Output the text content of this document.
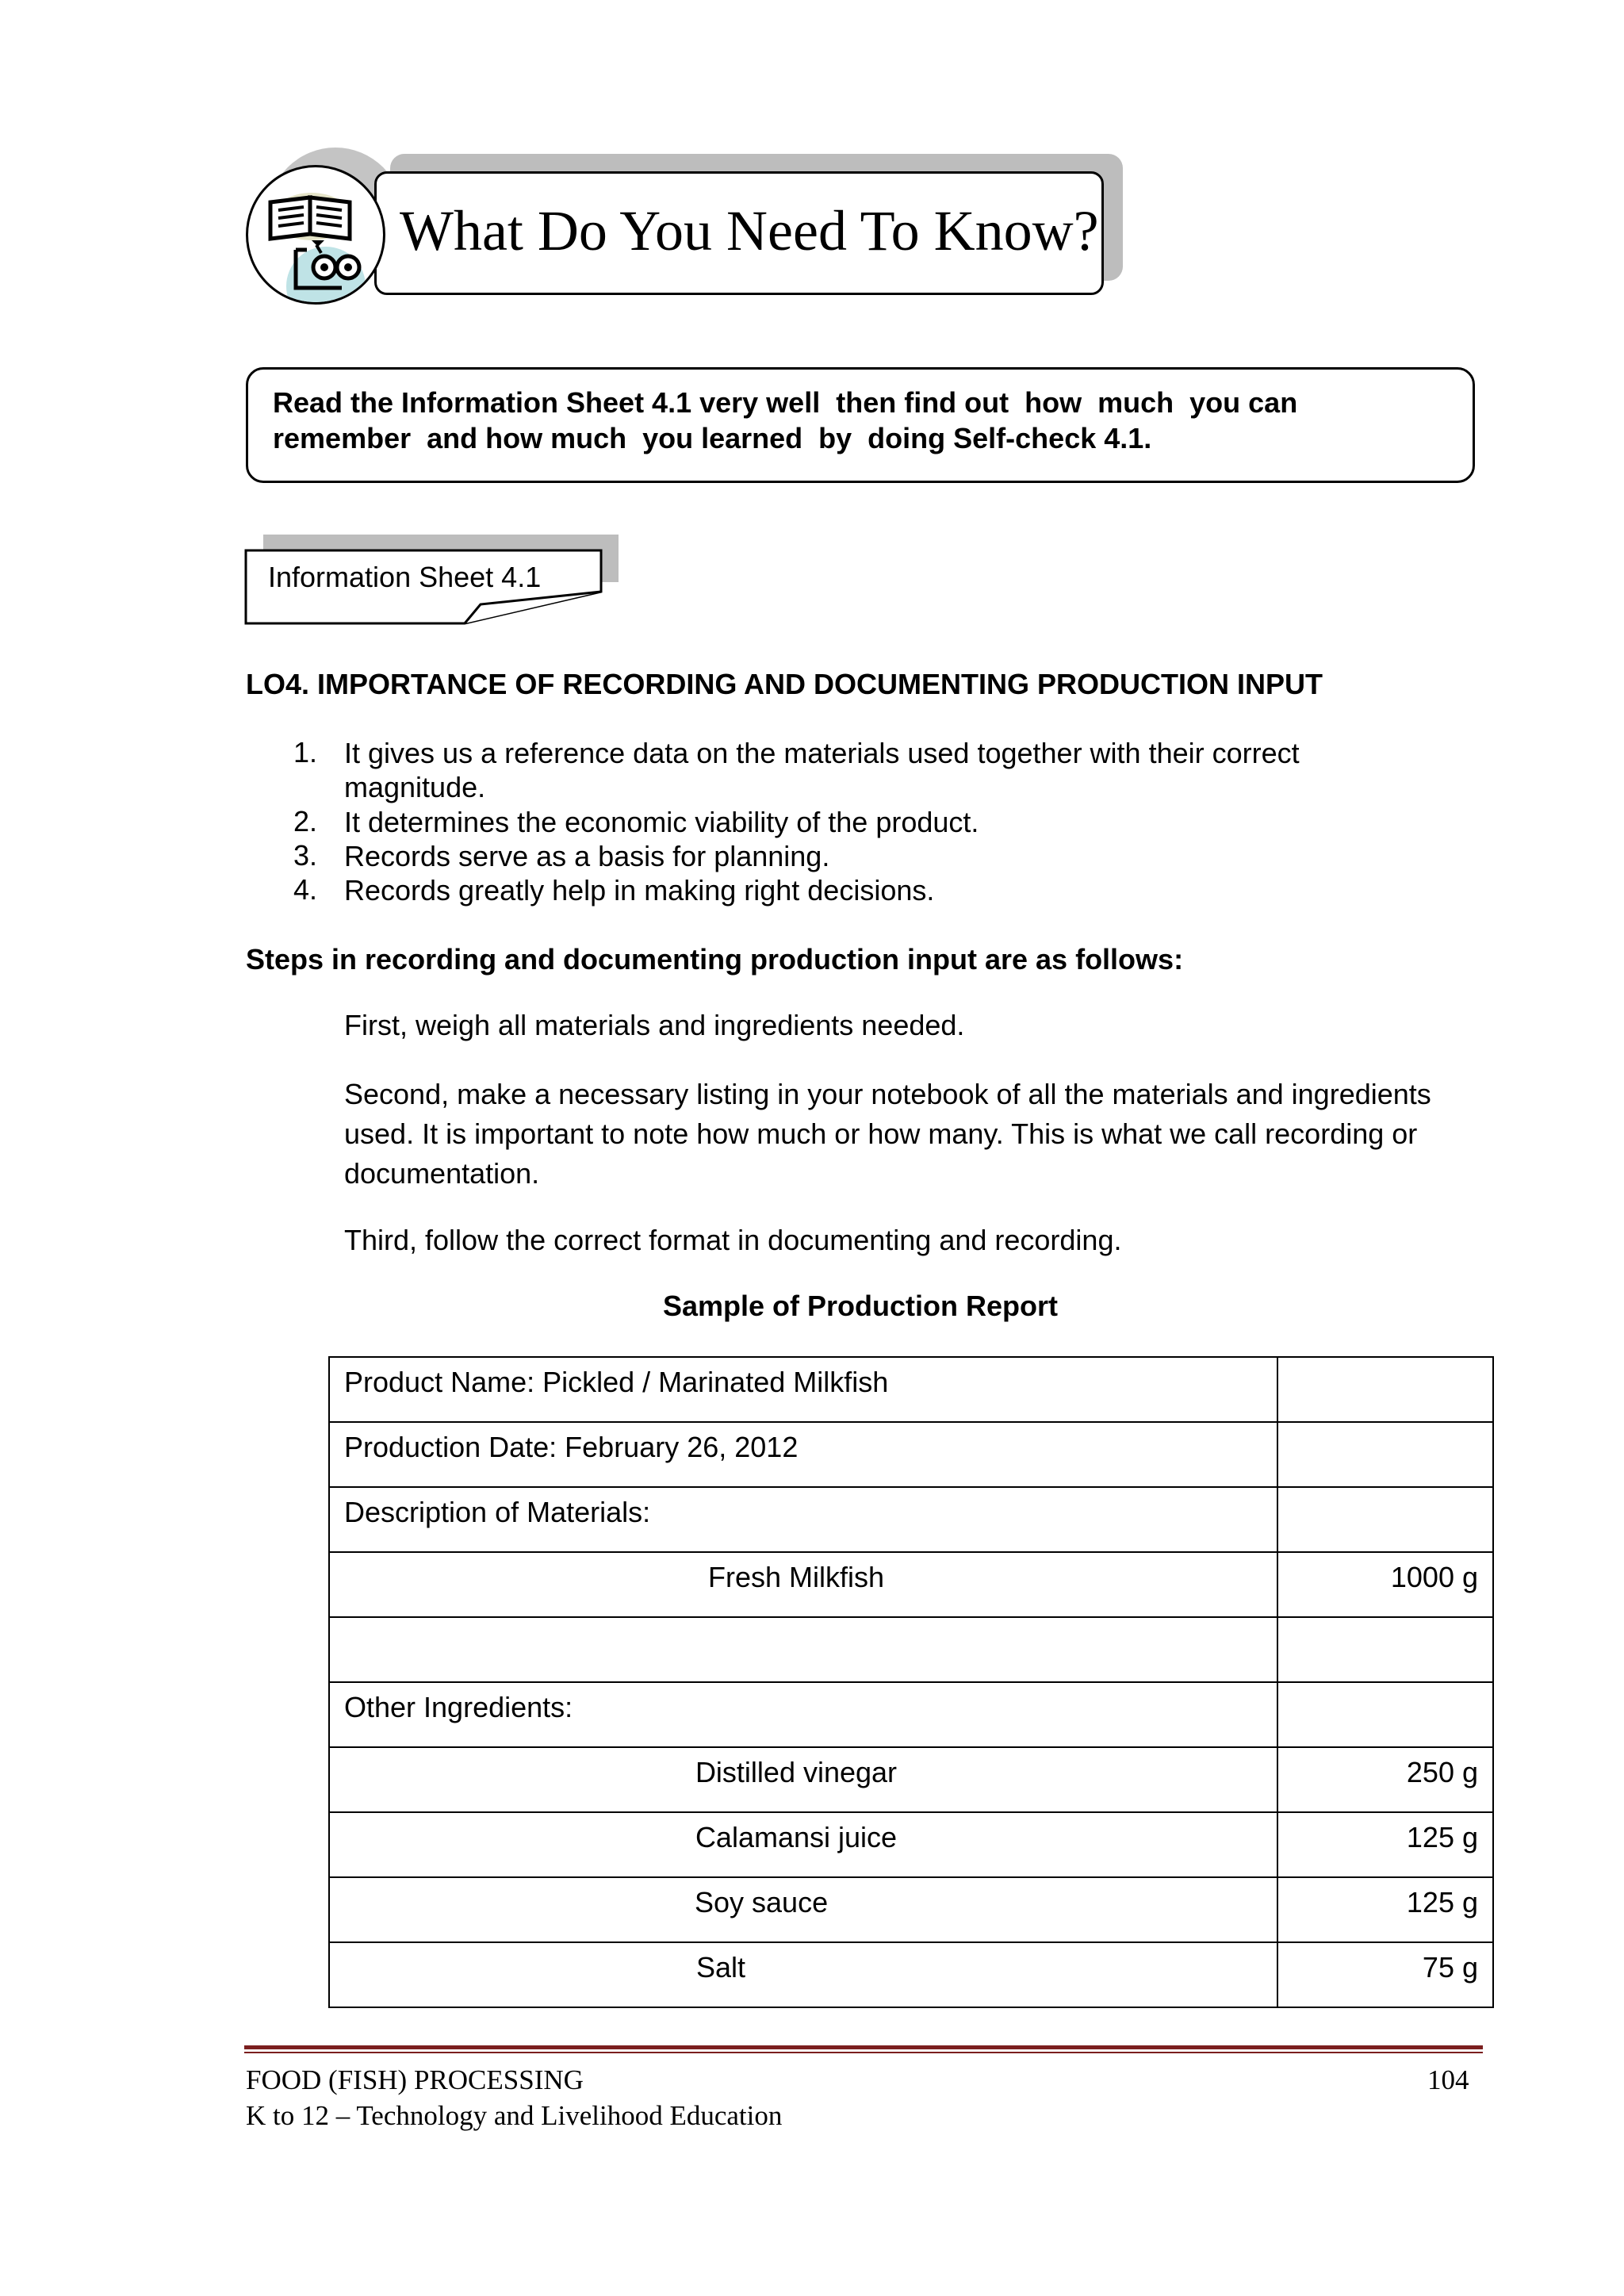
What Do You Need To Know?
Read the Information Sheet 4.1 very well  then find out  how  much  you can
remember  and how much  you learned  by  doing Self-check 4.1.
Information Sheet 4.1
LO4. IMPORTANCE OF RECORDING AND DOCUMENTING PRODUCTION INPUT
1. It gives us a reference data on the materials used together with their correct magnitude.
2. It determines the economic viability of the product.
3. Records serve as a basis for planning.
4. Records greatly help in making right decisions.
Steps in recording and documenting production input are as follows:
First, weigh all materials and ingredients needed.
Second, make a necessary listing in your notebook of all the materials and ingredients used. It is important to note how much or how many. This is what we call recording or documentation.
Third, follow the correct format in documenting and recording.
Sample of Production Report
Product Name: Pickled / Marinated Milkfish	
Production Date: February 26, 2012	
Description of Materials:	
Fresh Milkfish	1000 g

Other Ingredients:	
Distilled vinegar	250 g
Calamansi juice	125 g
Soy sauce	125 g
Salt	75 g
FOOD (FISH) PROCESSING
K to 12 – Technology and Livelihood Education
104
